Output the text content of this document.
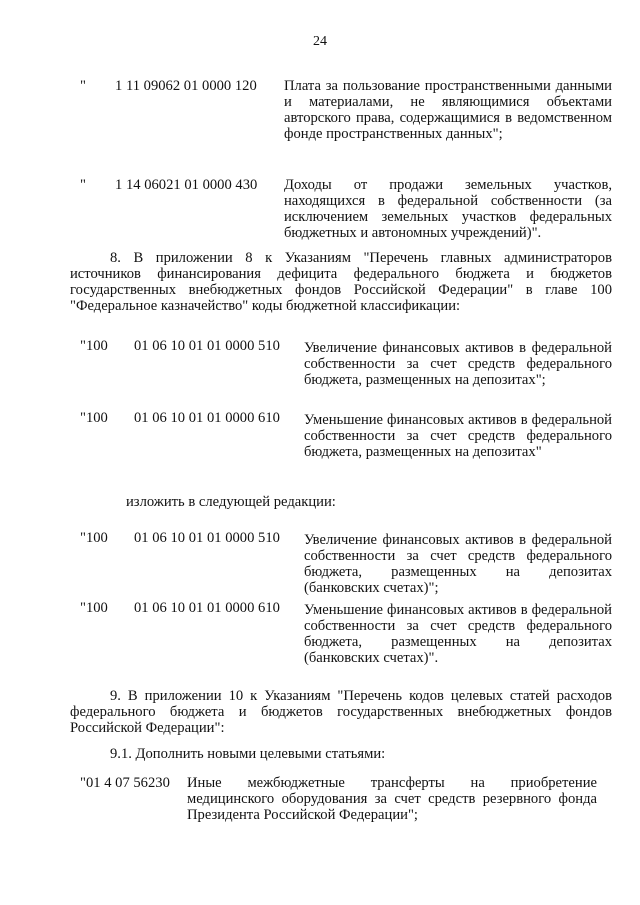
24
" 1 11 09062 01 0000 120 Плата за пользование пространственными данными и материалами, не являющимися объектами авторского права, содержащимися в ведомственном фонде пространственных данных";
" 1 14 06021 01 0000 430 Доходы от продажи земельных участков, находящихся в федеральной собственности (за исключением земельных участков федеральных бюджетных и автономных учреждений)".
8. В приложении 8 к Указаниям "Перечень главных администраторов источников финансирования дефицита федерального бюджета и бюджетов государственных внебюджетных фондов Российской Федерации" в главе 100 "Федеральное казначейство" коды бюджетной классификации:
"100 01 06 10 01 01 0000 510 Увеличение финансовых активов в федеральной собственности за счет средств федерального бюджета, размещенных на депозитах";
"100 01 06 10 01 01 0000 610 Уменьшение финансовых активов в федеральной собственности за счет средств федерального бюджета, размещенных на депозитах"
изложить в следующей редакции:
"100 01 06 10 01 01 0000 510 Увеличение финансовых активов в федеральной собственности за счет средств федерального бюджета, размещенных на депозитах (банковских счетах)";
"100 01 06 10 01 01 0000 610 Уменьшение финансовых активов в федеральной собственности за счет средств федерального бюджета, размещенных на депозитах (банковских счетах)".
9. В приложении 10 к Указаниям "Перечень кодов целевых статей расходов федерального бюджета и бюджетов государственных внебюджетных фондов Российской Федерации":
9.1. Дополнить новыми целевыми статьями:
"01 4 07 56230 Иные межбюджетные трансферты на приобретение медицинского оборудования за счет средств резервного фонда Президента Российской Федерации";
